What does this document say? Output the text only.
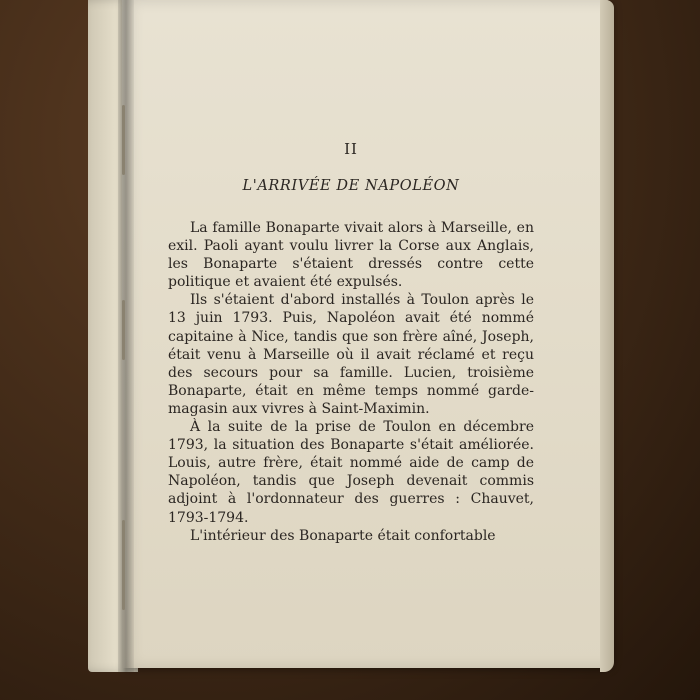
II
L'ARRIVÉE DE NAPOLÉON

La famille Bonaparte vivait alors à Marseille, en exil. Paoli ayant voulu livrer la Corse aux Anglais, les Bonaparte s'étaient dressés contre cette politique et avaient été expulsés.

Ils s'étaient d'abord installés à Toulon après le 13 juin 1793. Puis, Napoléon avait été nommé capitaine à Nice, tandis que son frère aîné, Joseph, était venu à Marseille où il avait réclamé et reçu des secours pour sa famille. Lucien, troisième Bonaparte, était en même temps nommé garde-magasin aux vivres à Saint-Maximin.

À la suite de la prise de Toulon en décembre 1793, la situation des Bonaparte s'était améliorée. Louis, autre frère, était nommé aide de camp de Napoléon, tandis que Joseph devenait commis adjoint à l'ordonnateur des guerres : Chauvet, 1793-1794.

L'intérieur des Bonaparte était confortable
